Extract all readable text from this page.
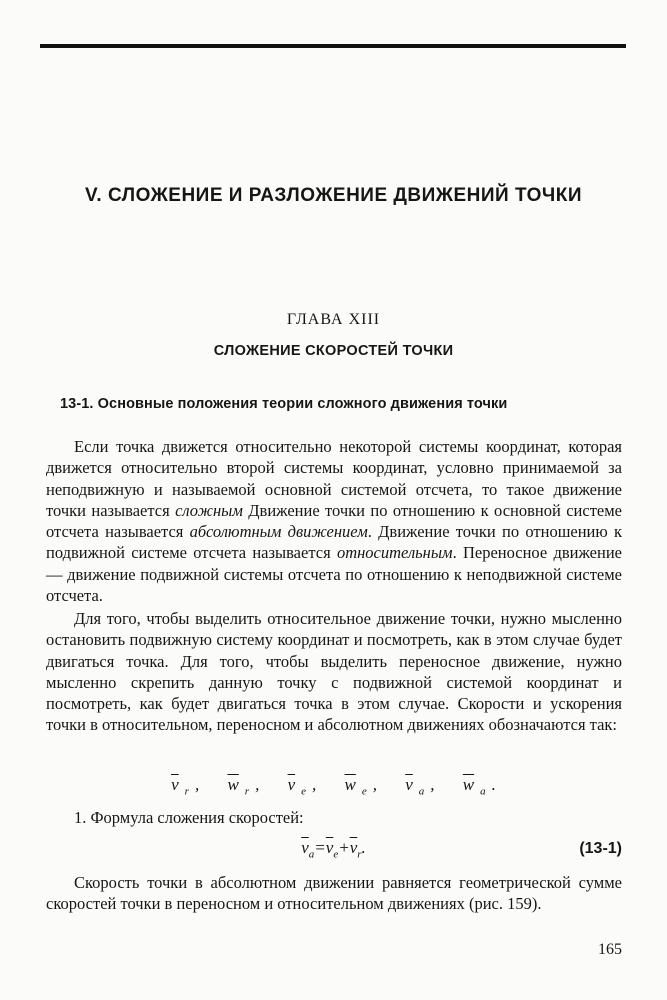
V. СЛОЖЕНИЕ И РАЗЛОЖЕНИЕ ДВИЖЕНИЙ ТОЧКИ
ГЛАВА XIII
СЛОЖЕНИЕ СКОРОСТЕЙ ТОЧКИ
13-1. Основные положения теории сложного движения точки
Если точка движется относительно некоторой системы координат, которая движется относительно второй системы координат, условно принимаемой за неподвижную и называемой основной системой отсчета, то такое движение точки называется сложным Движение точки по отношению к основной системе отсчета называется абсолютным движением. Движение точки по отношению к подвижной системе отсчета называется относительным. Переносное движение — движение подвижной системы отсчета по отношению к неподвижной системе отсчета.
Для того, чтобы выделить относительное движение точки, нужно мысленно остановить подвижную систему координат и посмотреть, как в этом случае будет двигаться точка. Для того, чтобы выделить переносное движение, нужно мысленно скрепить данную точку с подвижной системой координат и посмотреть, как будет двигаться точка в этом случае. Скорости и ускорения точки в относительном, переносном и абсолютном движениях обозначаются так:
$\overline{v}$ $_r$ , $\overline{w}$ $_r$ , $\overline{v}$ $_e$ , $\overline{w}$ $_e$ , $\overline{v}$ $_a$ , $\overline{w}$ $_a$ .
1. Формула сложения скоростей:
$\overline{v}_a=\overline{v}_e+\overline{v}_r$.	(13-1)
Скорость точки в абсолютном движении равняется геометрической сумме скоростей точки в переносном и относительном движениях (рис. 159).
165
